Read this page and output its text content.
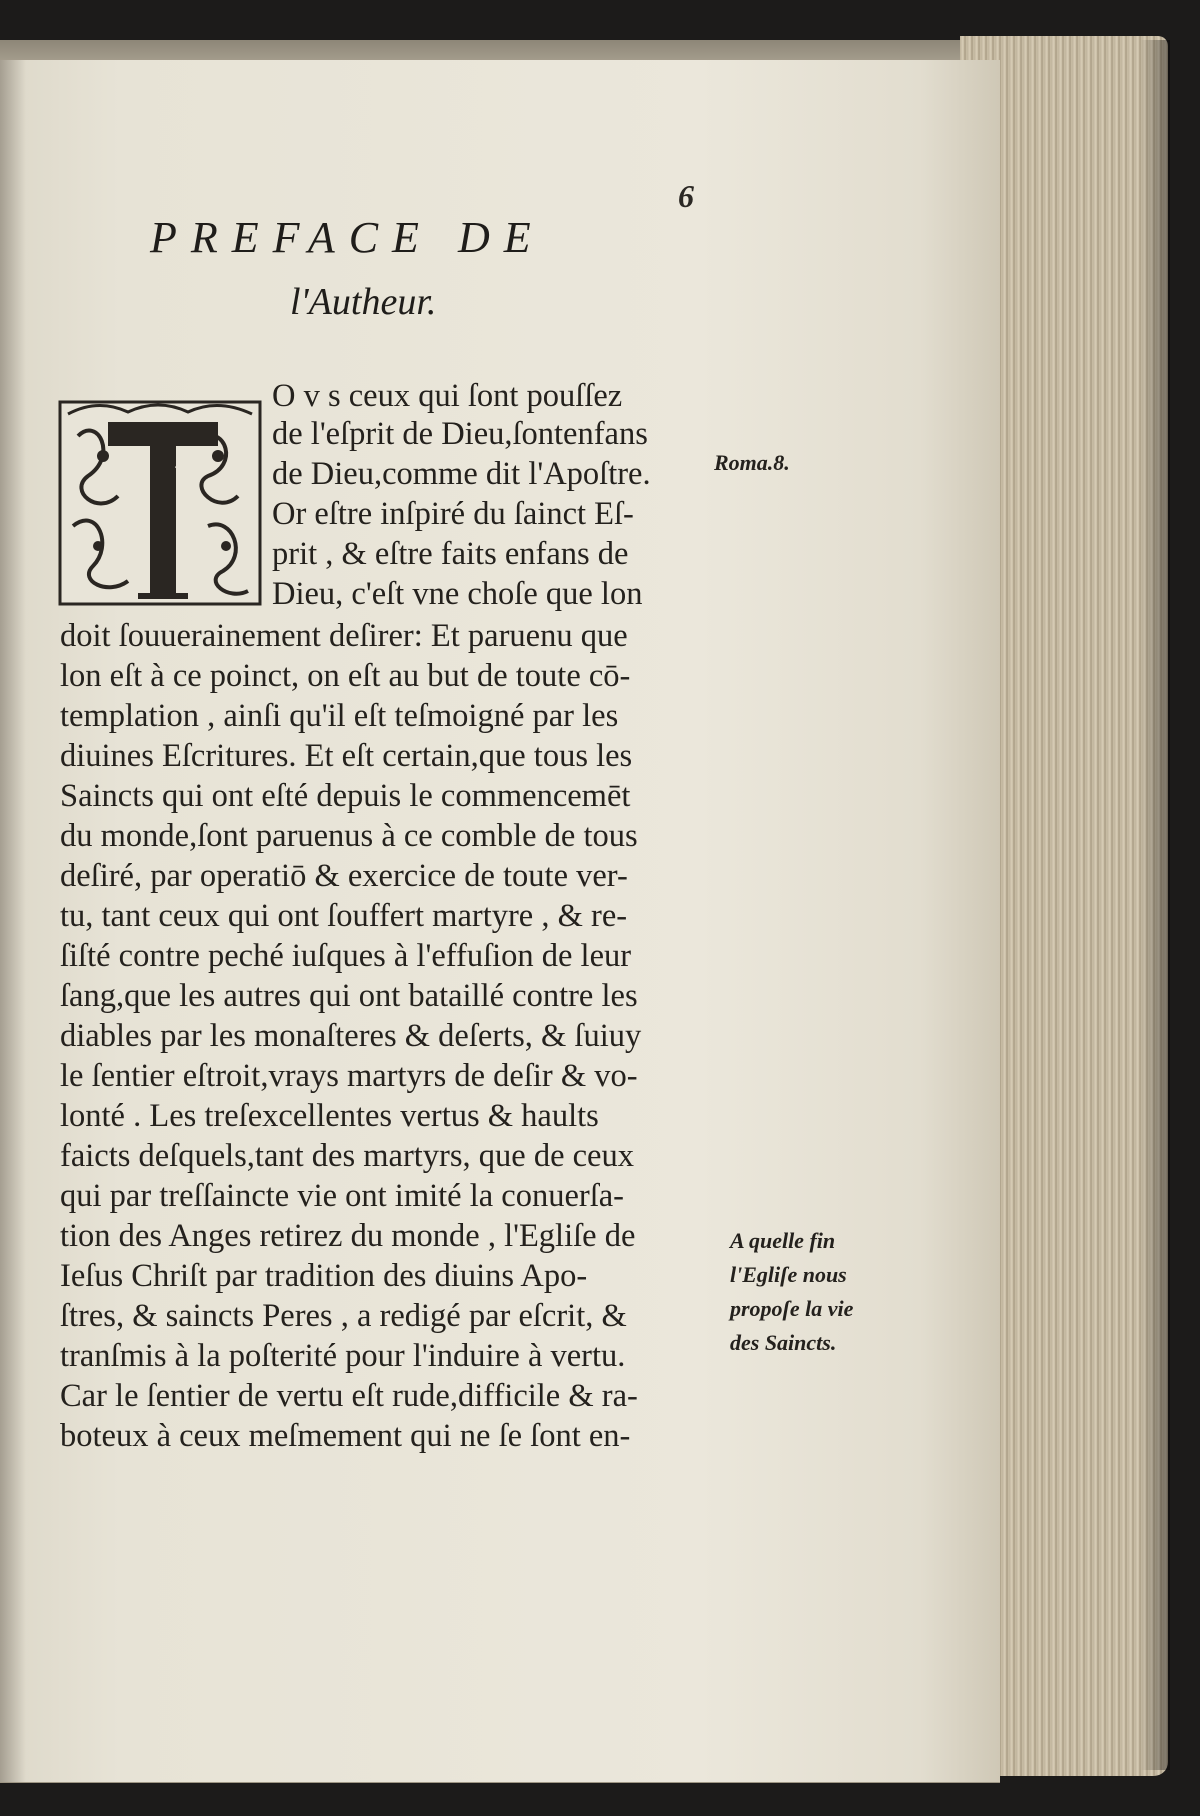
6
PREFACE DE
l'Autheur.
O v s ceux qui ſont pouſſez
de l'eſprit de Dieu,ſontenfans
de Dieu,comme dit l'Apoſtre.
Or eſtre inſpiré du ſainct Eſ-
prit , & eſtre faits enfans de
Dieu, c'eſt vne choſe que lon
doit ſouuerainement deſirer: Et paruenu que
lon eſt à ce poinct, on eſt au but de toute cō-
templation , ainſi qu'il eſt teſmoigné par les
diuines Eſcritures. Et eſt certain,que tous les
Saincts qui ont eſté depuis le commencemēt
du monde,ſont paruenus à ce comble de tous
deſiré, par operatiō & exercice de toute ver-
tu, tant ceux qui ont ſouffert martyre , & re-
ſiſté contre peché iuſques à l'effuſion de leur
ſang,que les autres qui ont bataillé contre les
diables par les monaſteres & deſerts, & ſuiuy
le ſentier eſtroit,vrays martyrs de deſir & vo-
lonté . Les treſexcellentes vertus & haults
faicts deſquels,tant des martyrs, que de ceux
qui par treſſaincte vie ont imité la conuerſa-
tion des Anges retirez du monde , l'Egliſe de
Ieſus Chriſt par tradition des diuins Apo-
ſtres, & saincts Peres , a redigé par eſcrit, &
tranſmis à la poſterité pour l'induire à vertu.
Car le ſentier de vertu eſt rude,difficile & ra-
boteux à ceux meſmement qui ne ſe ſont en-
Roma.8.
A quelle fin
l'Egliſe nous
propoſe la vie
des Saincts.
